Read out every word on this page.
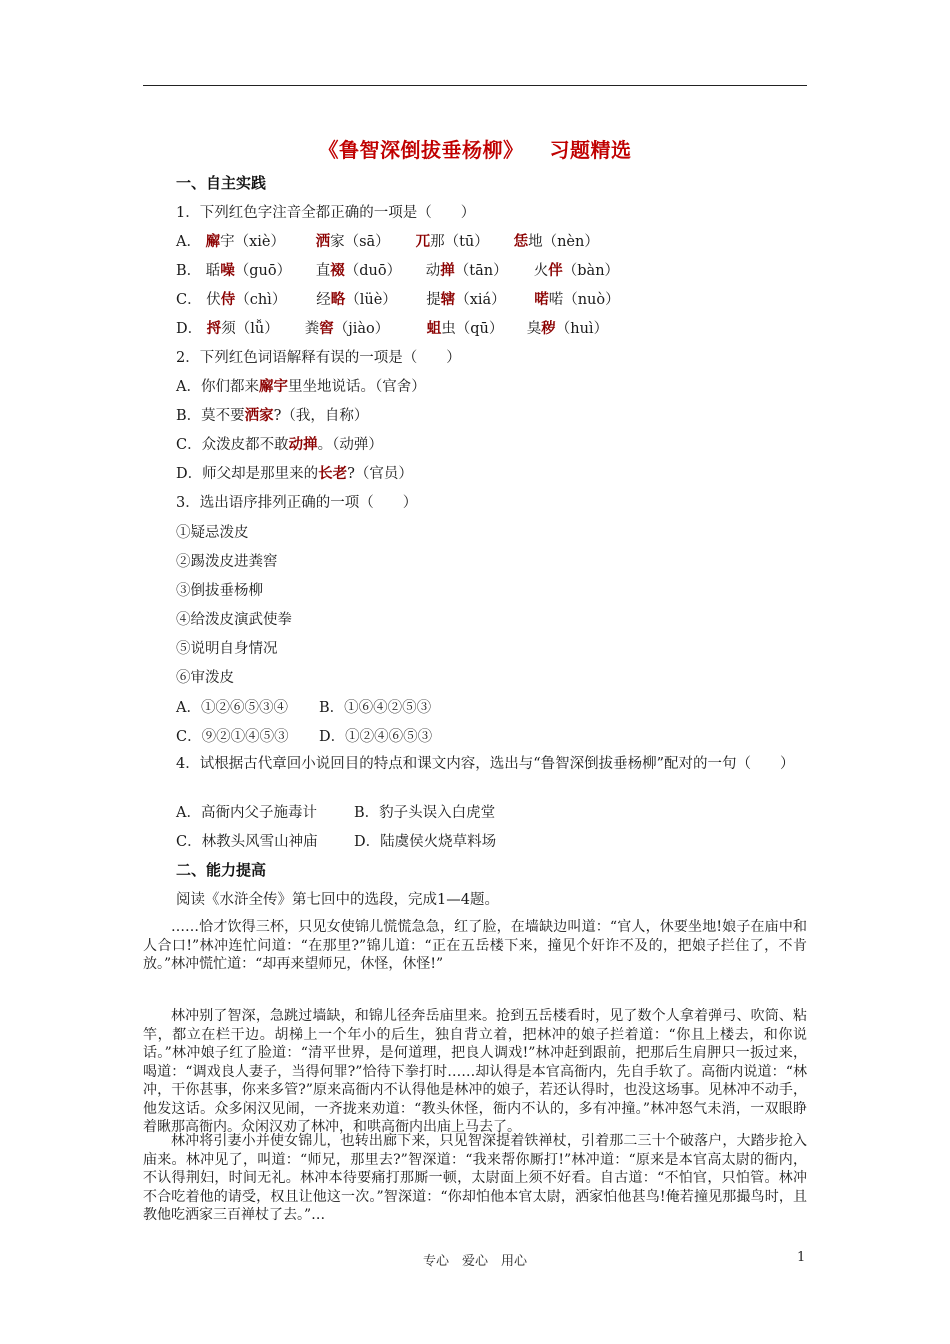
《鲁智深倒拔垂杨柳》 习题精选
一、自主实践
1．下列红色字注音全都正确的一项是（　　）
A． 廨宇（xiè） 洒家（sā） 兀那（tū） 恁地（nèn）
B． 聒噪（guō） 直裰（duō） 动掸（tān） 火伴（bàn）
C． 伏侍（chì） 经略（lüè） 提辖（xiá） 喏喏（nuò）
D． 捋须（lǚ） 粪窖（jiào）	蛆虫（qū） 臭秽（huì）
2．下列红色词语解释有误的一项是（　　）
A．你们都来廨宇里坐地说话。（官舍）
B．莫不要洒家?（我，自称）
C．众泼皮都不敢动掸。（动弹）
D．师父却是那里来的长老?（官员）
3．选出语序排列正确的一项（　　）
①疑忌泼皮
②踢泼皮进粪窖
③倒拔垂杨柳
④给泼皮演武使拳
⑤说明自身情况
⑥审泼皮
A．①②⑥⑤③④ B．①⑥④②⑤③
C．⑨②①④⑤③ D．①②④⑥⑤③
4．试根据古代章回小说回目的特点和课文内容，选出与“鲁智深倒拔垂杨柳”配对的一句（　　）
A．高衙内父子施毒计	B．豹子头误入白虎堂
C．林教头风雪山神庙	D．陆虞侯火烧草料场
二、能力提高
阅读《水浒全传》第七回中的选段，完成1—4题。
……恰才饮得三杯，只见女使锦儿慌慌急急，红了脸，在墙缺边叫道：“官人，休要坐地!娘子在庙中和人合口!”林冲连忙问道：“在那里?”锦儿道：“正在五岳楼下来，撞见个奸诈不及的，把娘子拦住了，不肯放。”林冲慌忙道：“却再来望师兄，休怪，休怪!”
林冲别了智深，急跳过墙缺，和锦儿径奔岳庙里来。抢到五岳楼看时，见了数个人拿着弹弓、吹筒、粘竿，都立在栏干边。胡梯上一个年小的后生，独自背立着，把林冲的娘子拦着道：“你且上楼去，和你说话。”林冲娘子红了脸道：“清平世界，是何道理，把良人调戏!”林冲赶到跟前，把那后生肩胛只一扳过来，喝道：“调戏良人妻子，当得何罪?”恰待下拳打时……却认得是本官高衙内，先自手软了。高衙内说道：“林冲，干你甚事，你来多管?”原来高衙内不认得他是林冲的娘子，若还认得时，也没这场事。见林冲不动手，他发这话。众多闲汉见闹，一齐拢来劝道：“教头休怪，衙内不认的，多有冲撞。”林冲怒气未消，一双眼睁着瞅那高衙内。众闲汉劝了林冲，和哄高衙内出庙上马去了。
林冲将引妻小并使女锦儿，也转出廊下来，只见智深提着铁禅杖，引着那二三十个破落户，大踏步抢入庙来。林冲见了，叫道：“师兄，那里去?”智深道：“我来帮你厮打!”林冲道：“原来是本官高太尉的衙内，不认得荆妇，时间无礼。林冲本待要痛打那厮一顿，太尉面上须不好看。自古道：“不怕官，只怕管。林冲不合吃着他的请受，权且让他这一次。”智深道：“你却怕他本官太尉，洒家怕他甚鸟!俺若撞见那撮鸟时，且教他吃洒家三百禅杖了去。”…
专心　爱心　用心	1
